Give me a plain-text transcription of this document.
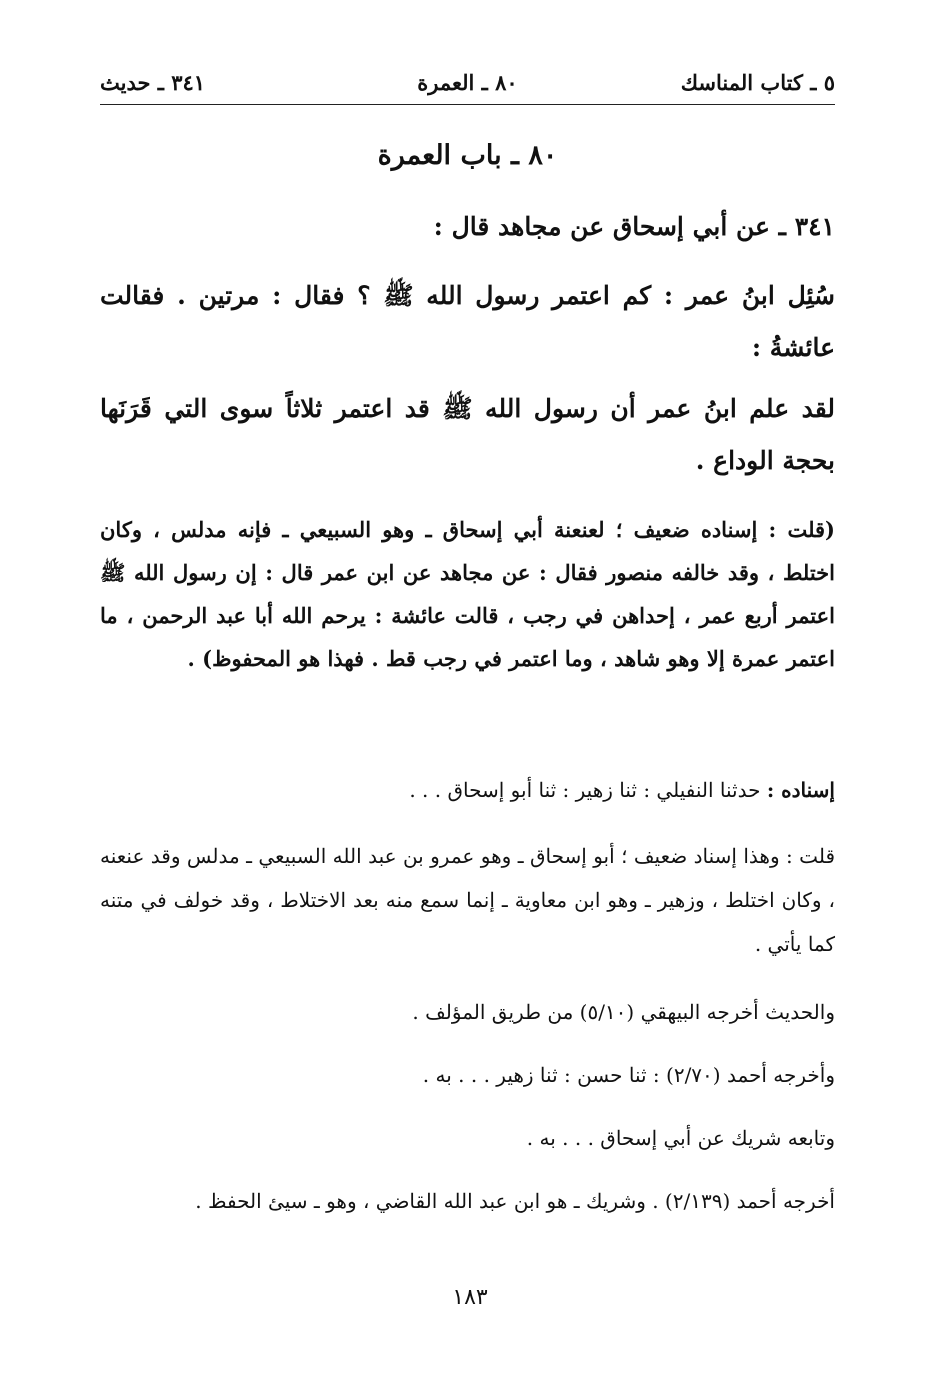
٥ ـ كتاب المناسك
٨٠ ـ العمرة
٣٤١ ـ حديث
٨٠ ـ باب العمرة
٣٤١ ـ عن أبي إسحاق عن مجاهد قال :
سُئِل ابنُ عمر : كم اعتمر رسول الله ﷺ ؟ فقال : مرتين . فقالت عائشةُ :
لقد علم ابنُ عمر أن رسول الله ﷺ قد اعتمر ثلاثاً سوى التي قَرَنَها بحجة الوداع .
(قلت : إسناده ضعيف ؛ لعنعنة أبي إسحاق ـ وهو السبيعي ـ فإنه مدلس ، وكان اختلط ، وقد خالفه منصور فقال : عن مجاهد عن ابن عمر قال : إن رسول الله ﷺ اعتمر أربع عمر ، إحداهن في رجب ، قالت عائشة : يرحم الله أبا عبد الرحمن ، ما اعتمر عمرة إلا وهو شاهد ، وما اعتمر في رجب قط . فهذا هو المحفوظ) .
إسناده : حدثنا النفيلي : ثنا زهير : ثنا أبو إسحاق . . .
قلت : وهذا إسناد ضعيف ؛ أبو إسحاق ـ وهو عمرو بن عبد الله السبيعي ـ مدلس وقد عنعنه ، وكان اختلط ، وزهير ـ وهو ابن معاوية ـ إنما سمع منه بعد الاختلاط ، وقد خولف في متنه كما يأتي .
والحديث أخرجه البيهقي (٥/١٠) من طريق المؤلف .
وأخرجه أحمد (٢/٧٠) : ثنا حسن : ثنا زهير . . . به .
وتابعه شريك عن أبي إسحاق . . . به .
أخرجه أحمد (٢/١٣٩) . وشريك ـ هو ابن عبد الله القاضي ، وهو ـ سيئ الحفظ .
١٨٣
